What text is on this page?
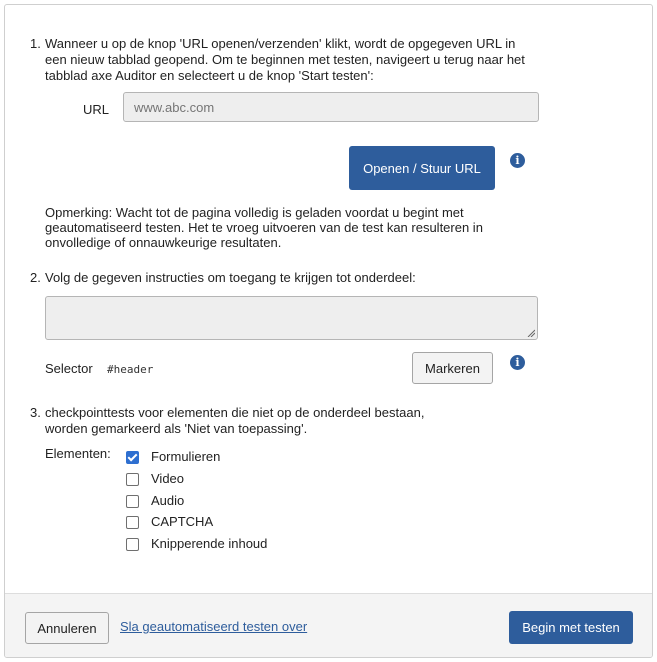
1. Wanneer u op de knop 'URL openen/verzenden' klikt, wordt de opgegeven URL in een nieuw tabblad geopend. Om te beginnen met testen, navigeert u terug naar het tabblad axe Auditor en selecteert u de knop 'Start testen':
URL
www.abc.com
Openen / Stuur URL	i
Opmerking: Wacht tot de pagina volledig is geladen voordat u begint met geautomatiseerd testen. Het te vroeg uitvoeren van de test kan resulteren in onvolledige of onnauwkeurige resultaten.
2. Volg de gegeven instructies om toegang te krijgen tot onderdeel:
Selector #header	Markeren	i
3. checkpointtests voor elementen die niet op de onderdeel bestaan, worden gemarkeerd als 'Niet van toepassing'.
Elementen:	Formulieren
Video
Audio
CAPTCHA
Knipperende inhoud
Annuleren	Sla geautomatiseerd testen over	Begin met testen
